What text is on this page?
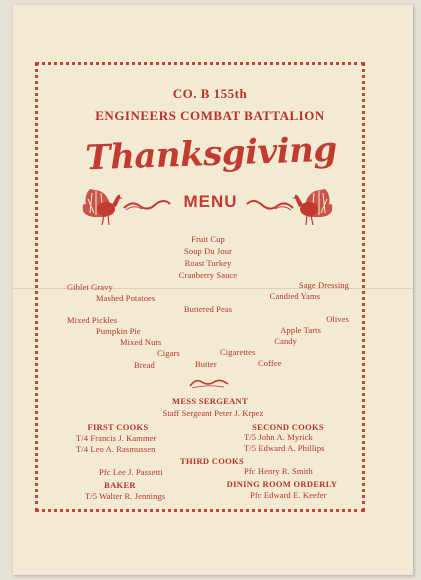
CO. B 155th
ENGINEERS COMBAT BATTALION
Thanksgiving
MENU
Fruit Cup
Soup Du Jour
Roast Turkey
Cranberry Sauce
Giblet Gravy	Sage Dressing
Mashed Potatoes	Candied Yams
Buttered Peas
Mixed Pickles	Olives
Pumpkin Pie	Apple Tarts
Mixed Nuts	Candy
Cigars	Cigarettes
Bread	Butter	Coffee
MESS SERGEANT
Staff Sergeant Peter J. Krpez
FIRST COOKS
T/4 Francis J. Kammer
T/4 Leo A. Rasmussen
SECOND COOKS
T/5 John A. Myrick
T/5 Edward A. Phillips
THIRD COOKS
Pfc Lee J. Passetti	Pfc Henry R. Smith
BAKER
T/5 Walter R. Jennings
DINING ROOM ORDERLY
Pfc Edward E. Keefer
